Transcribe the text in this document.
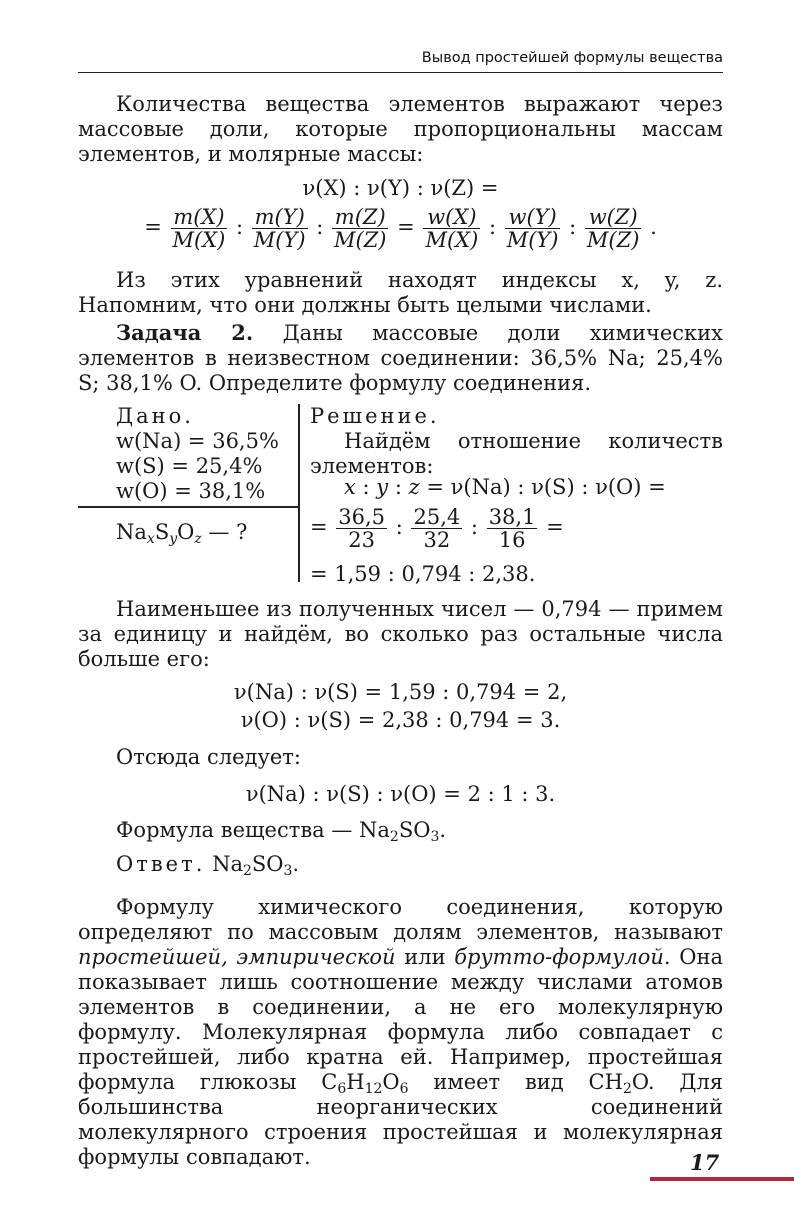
Вывод простейшей формулы вещества

Количества вещества элементов выражают через массовые доли, которые пропорциональны массам элементов, и молярные массы:

ν(X) : ν(Y) : ν(Z) =
= $\frac{m(X)}{M(X)}$ : $\frac{m(Y)}{M(Y)}$ : $\frac{m(Z)}{M(Z)} = \frac{w(X)}{M(X)}$ : $\frac{w(Y)}{M(Y)}$ : $\frac{w(Z)}{M(Z)}$ .

Из этих уравнений находят индексы x, y, z. Напомним, что они должны быть целыми числами.

Задача 2. Даны массовые доли химических элементов в неизвестном соединении: 36,5% Na; 25,4% S; 38,1% O. Определите формулу соединения.

Дано.
w(Na) = 36,5%
w(S) = 25,4%
w(O) = 38,1%
$Na_xS_yO_z$ — ?
Решение.

Найдём отношение количеств элементов:

x : y : z = ν(Na) : ν(S) : ν(O) =
= $\frac{36,5}{23}$ : $\frac{25,4}{32}$ : $\frac{38,1}{16}$ =
= 1,59 : 0,794 : 2,38.

Наименьшее из полученных чисел — 0,794 — примем за единицу и найдём, во сколько раз остальные числа больше его:

ν(Na) : ν(S) = 1,59 : 0,794 = 2,
ν(O) : ν(S) = 2,38 : 0,794 = 3.
Отсюда следует:
ν(Na) : ν(S) : ν(O) = 2 : 1 : 3.
Формула вещества — $Na_2SO_3$.
Ответ. $Na_2SO_3$.

Формулу химического соединения, которую определяют по массовым долям элементов, называют простейшей, эмпирической или брутто-формулой. Она показывает лишь соотношение между числами атомов элементов в соединении, а не его молекулярную формулу. Молекулярная формула либо совпадает с простейшей, либо кратна ей. Например, простейшая формула глюкозы $C_6H_{12}O_6$ имеет вид $CH_2O$. Для большинства неорганических соединений молекулярного строения простейшая и молекулярная формулы совпадают.	17
